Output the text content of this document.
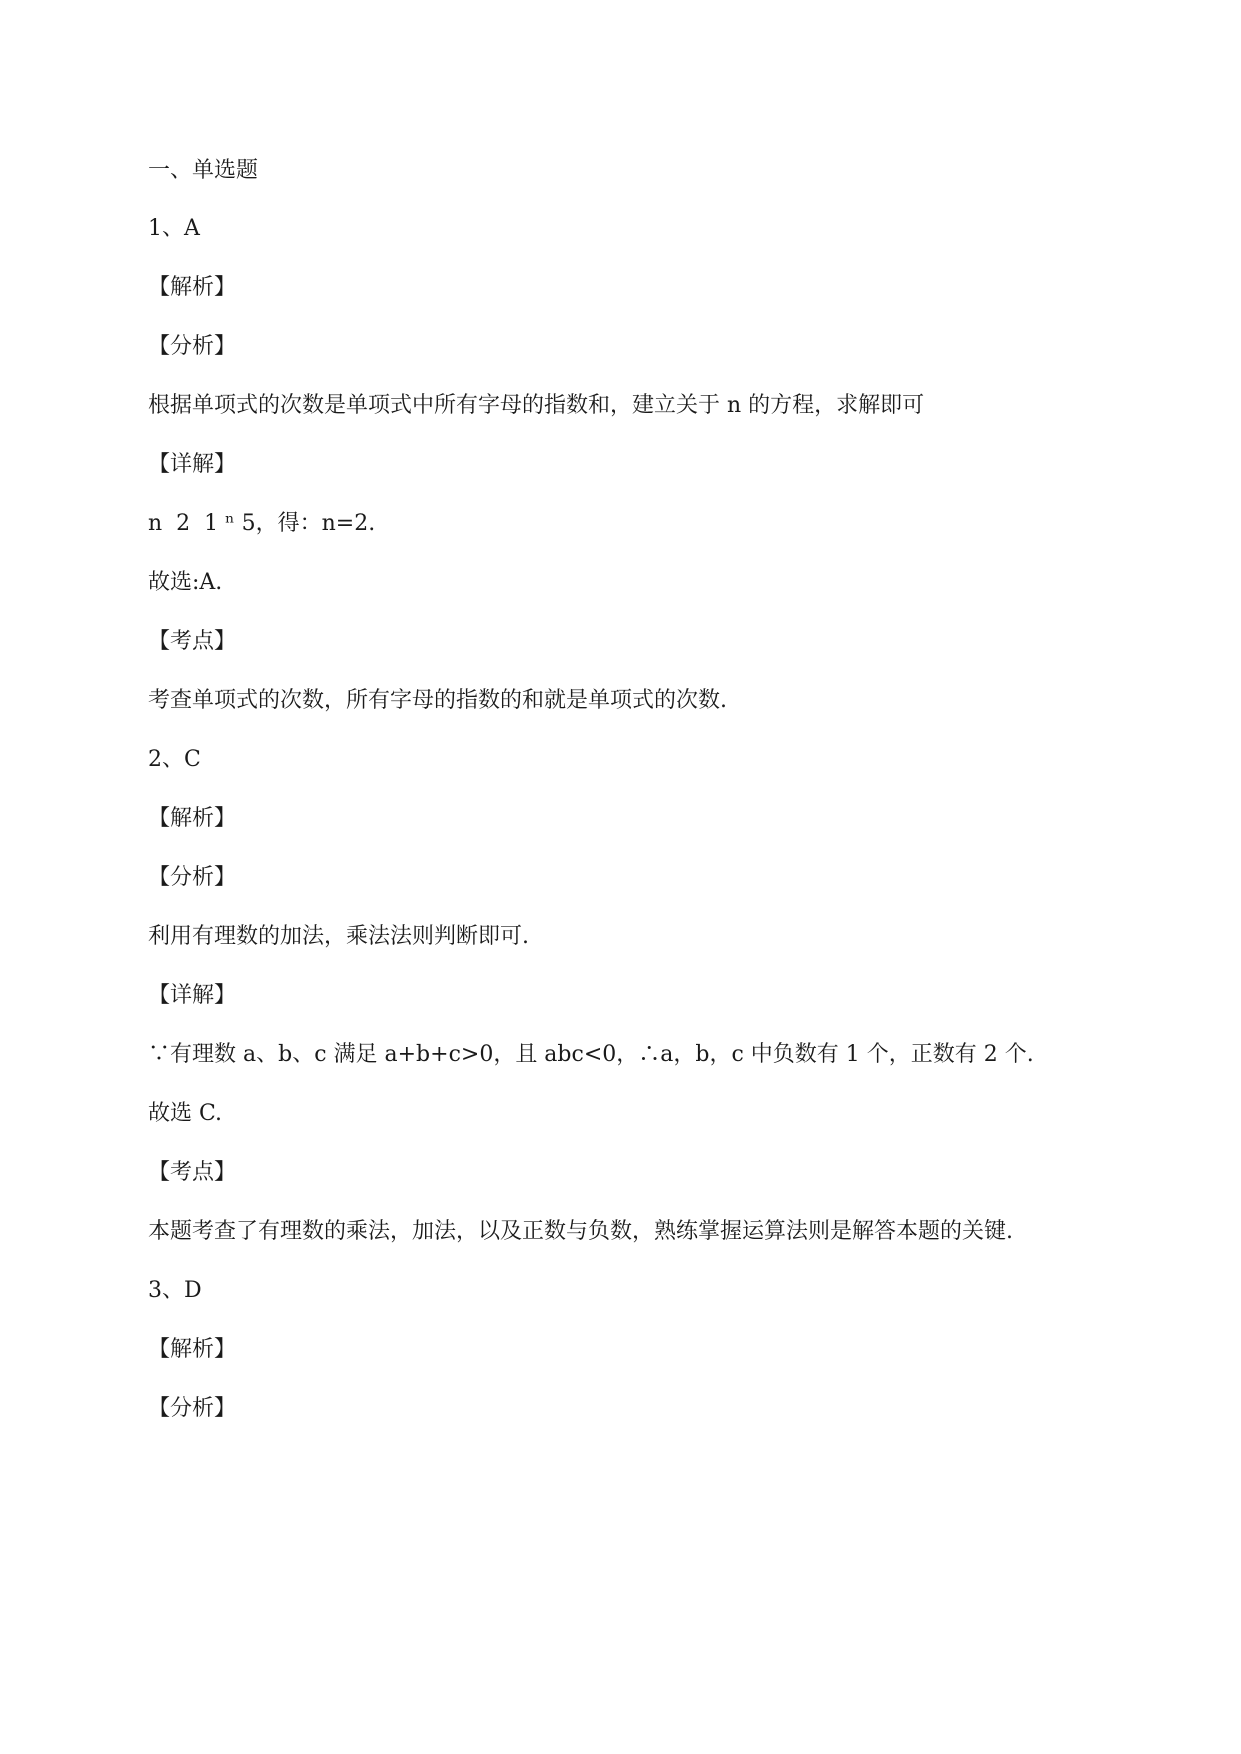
一、单选题
1、A
【解析】
【分析】
根据单项式的次数是单项式中所有字母的指数和，建立关于 n 的方程，求解即可
【详解】
n  2  1 ⁿ 5，得：n=2.
故选:A.
【考点】
考查单项式的次数，所有字母的指数的和就是单项式的次数.
2、C
【解析】
【分析】
利用有理数的加法，乘法法则判断即可.
【详解】
∵有理数 a、b、c 满足 a+b+c>0，且 abc<0，∴a，b，c 中负数有 1 个，正数有 2 个.
故选 C.
【考点】
本题考查了有理数的乘法，加法，以及正数与负数，熟练掌握运算法则是解答本题的关键.
3、D
【解析】
【分析】
